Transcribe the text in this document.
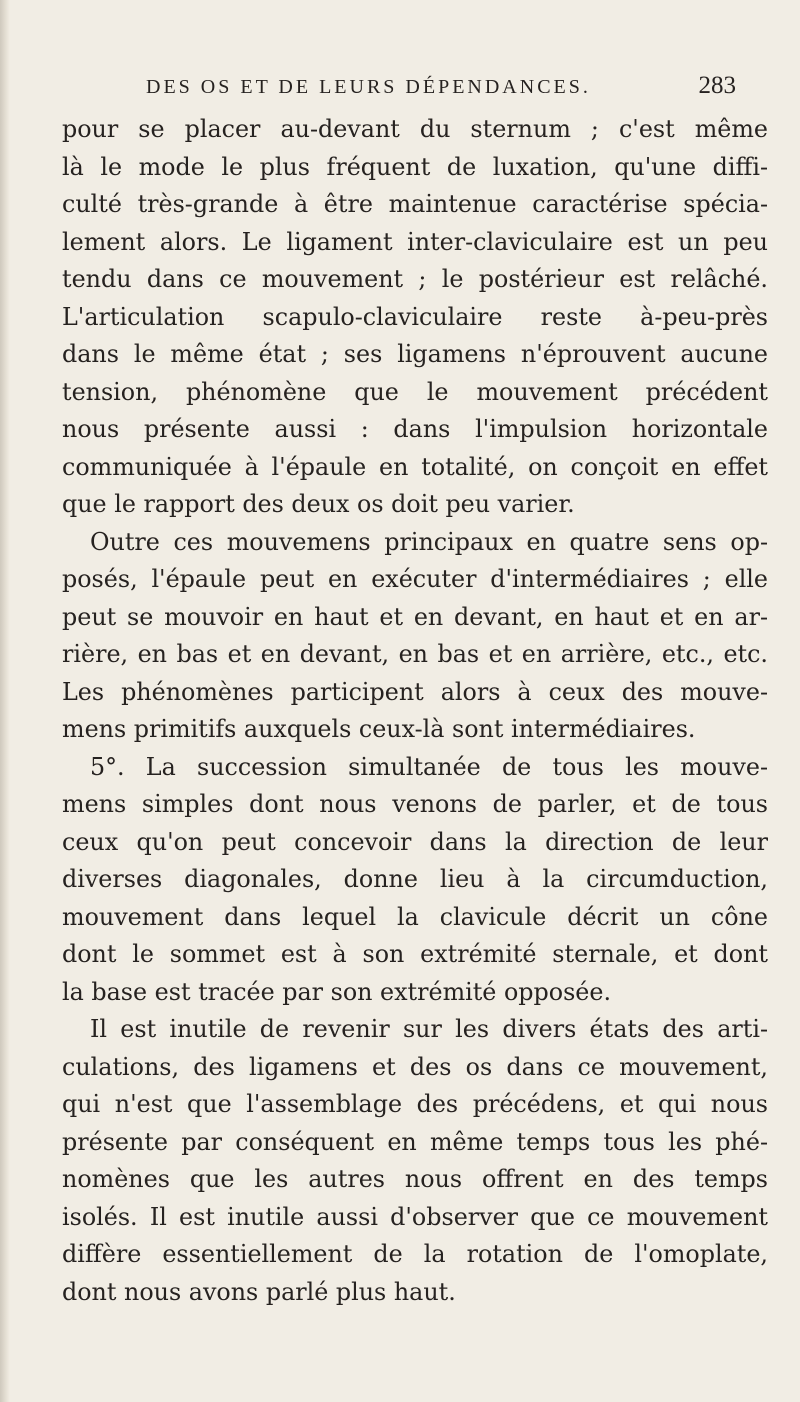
DES OS ET DE LEURS DÉPENDANCES.	283
pour se placer au-devant du sternum ; c'est même
là le mode le plus fréquent de luxation, qu'une diffi-
culté très-grande à être maintenue caractérise spécia-
lement alors. Le ligament inter-claviculaire est un peu
tendu dans ce mouvement ; le postérieur est relâché.
L'articulation scapulo-claviculaire reste à-peu-près
dans le même état ; ses ligamens n'éprouvent aucune
tension, phénomène que le mouvement précédent
nous présente aussi : dans l'impulsion horizontale
communiquée à l'épaule en totalité, on conçoit en effet
que le rapport des deux os doit peu varier.
Outre ces mouvemens principaux en quatre sens op-
posés, l'épaule peut en exécuter d'intermédiaires ; elle
peut se mouvoir en haut et en devant, en haut et en ar-
rière, en bas et en devant, en bas et en arrière, etc., etc.
Les phénomènes participent alors à ceux des mouve-
mens primitifs auxquels ceux-là sont intermédiaires.
5°. La succession simultanée de tous les mouve-
mens simples dont nous venons de parler, et de tous
ceux qu'on peut concevoir dans la direction de leur
diverses diagonales, donne lieu à la circumduction,
mouvement dans lequel la clavicule décrit un cône
dont le sommet est à son extrémité sternale, et dont
la base est tracée par son extrémité opposée.
Il est inutile de revenir sur les divers états des arti-
culations, des ligamens et des os dans ce mouvement,
qui n'est que l'assemblage des précédens, et qui nous
présente par conséquent en même temps tous les phé-
nomènes que les autres nous offrent en des temps
isolés. Il est inutile aussi d'observer que ce mouvement
diffère essentiellement de la rotation de l'omoplate,
dont nous avons parlé plus haut.
